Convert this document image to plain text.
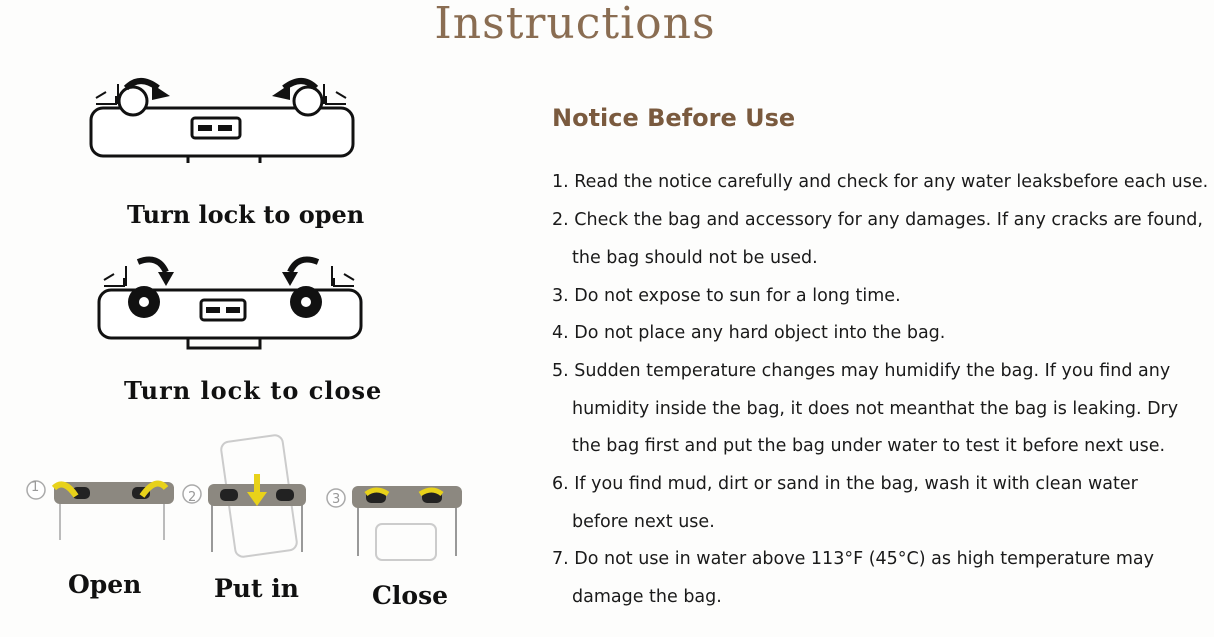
Instructions
Turn lock to open
Turn lock to close
1
Open
2
Put in
3
Close
Notice Before Use
1. Read the notice carefully and check for any water leaksbefore each use.
2. Check the bag and accessory for any damages. If any cracks are found,
the bag should not be used.
3. Do not expose to sun for a long time.
4. Do not place any hard object into the bag.
5. Sudden temperature changes may humidify the bag. If you find any
humidity inside the bag, it does not meanthat the bag is leaking. Dry
the bag first and put the bag under water to test it before next use.
6. If you find mud, dirt or sand in the bag, wash it with clean water
before next use.
7. Do not use in water above 113°F (45°C) as high temperature may
damage the bag.
